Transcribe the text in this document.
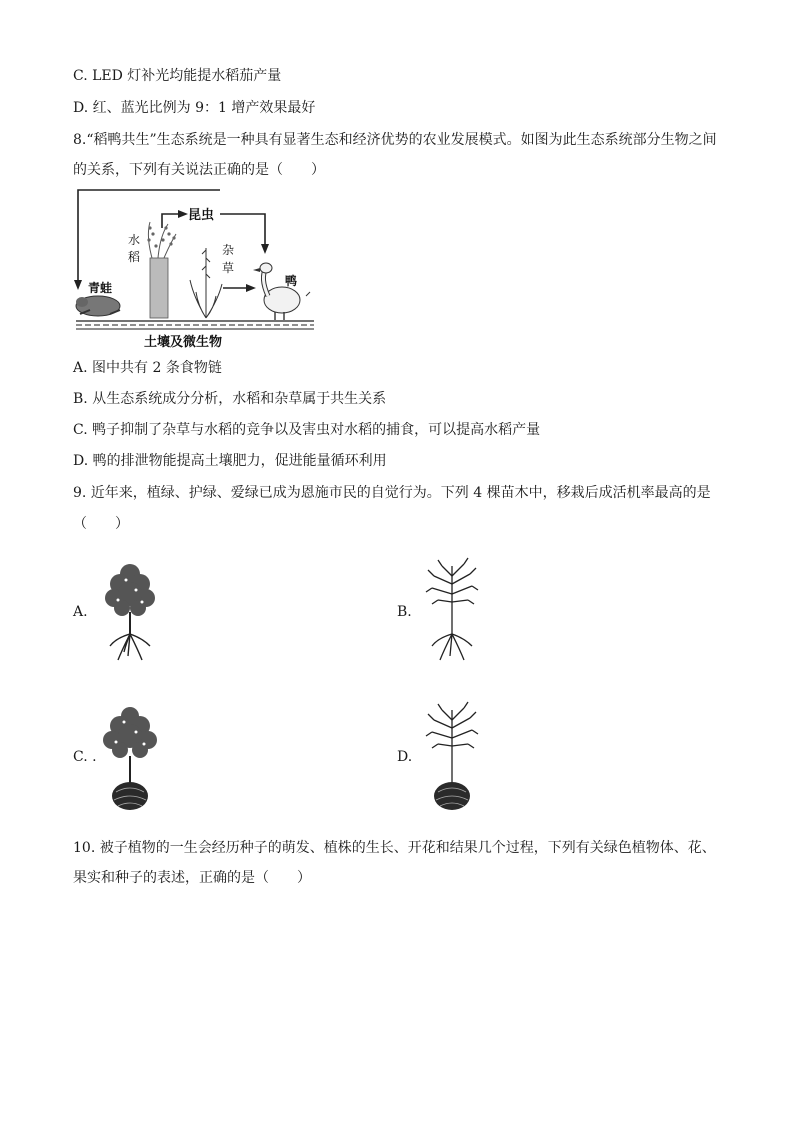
C. LED 灯补光均能提水稻茄产量
D. 红、蓝光比例为 9：1 增产效果最好
8.“稻鸭共生”生态系统是一种具有显著生态和经济优势的农业发展模式。如图为此生态系统部分生物之间
的关系，下列有关说法正确的是（　　）
昆虫
水
稻	杂
草
青蛙	鸭
土壤及微生物
A. 图中共有 2 条食物链
B. 从生态系统成分分析，水稻和杂草属于共生关系
C. 鸭子抑制了杂草与水稻的竞争以及害虫对水稻的捕食，可以提高水稻产量
D. 鸭的排泄物能提高土壤肥力，促进能量循环利用
9. 近年来，植绿、护绿、爱绿已成为恩施市民的自觉行为。下列 4 棵苗木中，移栽后成活机率最高的是
（　　）
A.	B.
C. .	D.
10. 被子植物的一生会经历种子的萌发、植株的生长、开花和结果几个过程，下列有关绿色植物体、花、
果实和种子的表述，正确的是（　　）
